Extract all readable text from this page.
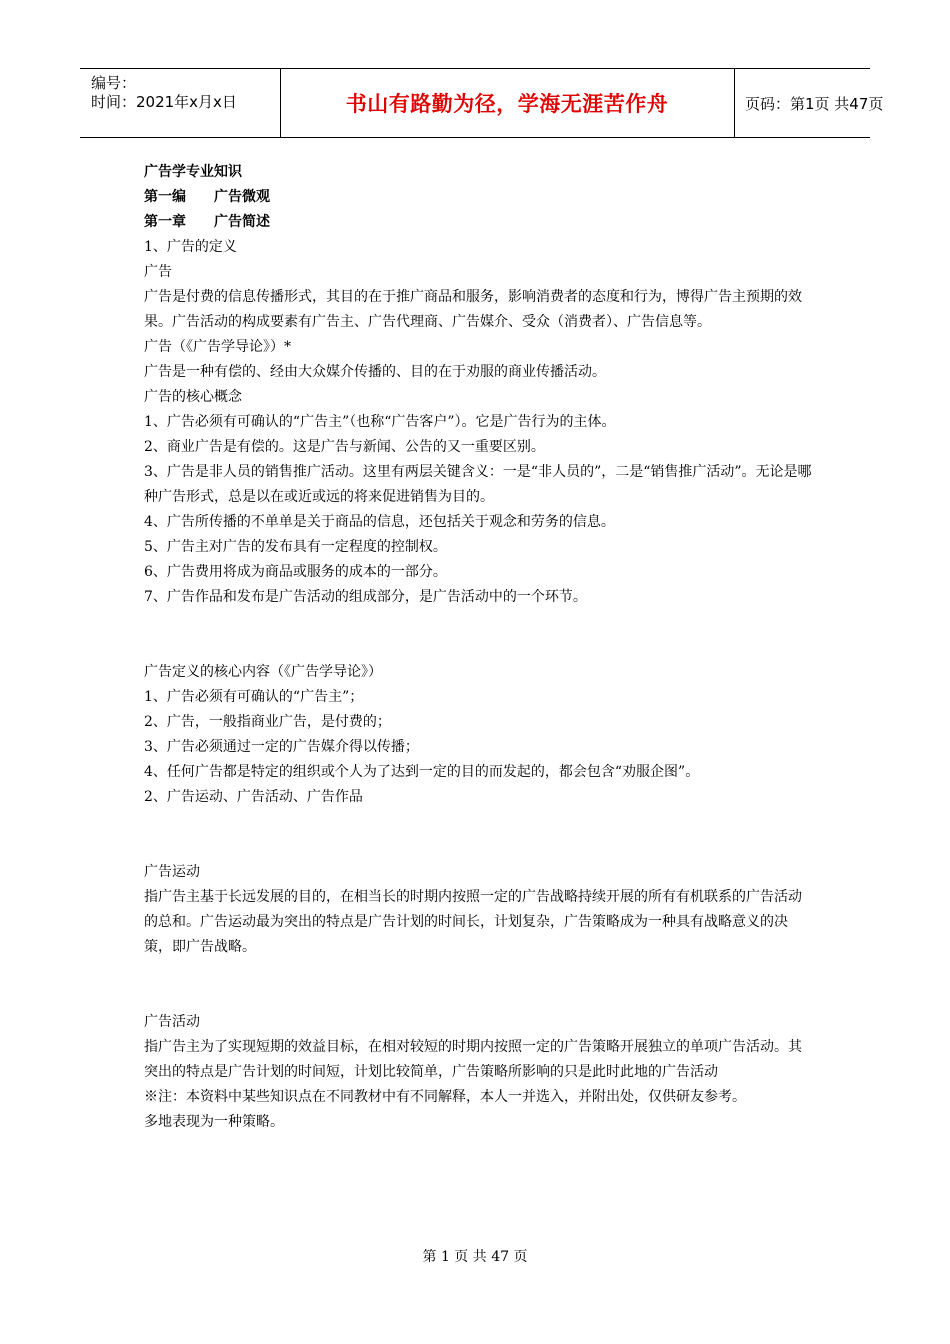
编号：
时间：2021年x月x日	书山有路勤为径，学海无涯苦作舟	页码：第1页 共47页
广告学专业知识
第一编　　广告微观
第一章　　广告简述
1、广告的定义
广告
广告是付费的信息传播形式，其目的在于推广商品和服务，影响消费者的态度和行为，博得广告主预期的效果。广告活动的构成要素有广告主、广告代理商、广告媒介、受众（消费者）、广告信息等。
广告（《广告学导论》）*
广告是一种有偿的、经由大众媒介传播的、目的在于劝服的商业传播活动。
广告的核心概念
1、广告必须有可确认的“广告主”（也称“广告客户”）。它是广告行为的主体。
2、商业广告是有偿的。这是广告与新闻、公告的又一重要区别。
3、广告是非人员的销售推广活动。这里有两层关键含义：一是“非人员的”，二是“销售推广活动”。无论是哪种广告形式，总是以在或近或远的将来促进销售为目的。
4、广告所传播的不单单是关于商品的信息，还包括关于观念和劳务的信息。
5、广告主对广告的发布具有一定程度的控制权。
6、广告费用将成为商品或服务的成本的一部分。
7、广告作品和发布是广告活动的组成部分，是广告活动中的一个环节。
广告定义的核心内容（《广告学导论》）
1、广告必须有可确认的“广告主”；
2、广告，一般指商业广告，是付费的；
3、广告必须通过一定的广告媒介得以传播；
4、任何广告都是特定的组织或个人为了达到一定的目的而发起的，都会包含“劝服企图”。
2、广告运动、广告活动、广告作品
广告运动
指广告主基于长远发展的目的，在相当长的时期内按照一定的广告战略持续开展的所有有机联系的广告活动的总和。广告运动最为突出的特点是广告计划的时间长，计划复杂，广告策略成为一种具有战略意义的决策，即广告战略。
广告活动
指广告主为了实现短期的效益目标，在相对较短的时期内按照一定的广告策略开展独立的单项广告活动。其突出的特点是广告计划的时间短，计划比较简单，广告策略所影响的只是此时此地的广告活动
※注：本资料中某些知识点在不同教材中有不同解释，本人一并选入，并附出处，仅供研友参考。
多地表现为一种策略。
第 1 页 共 47 页
